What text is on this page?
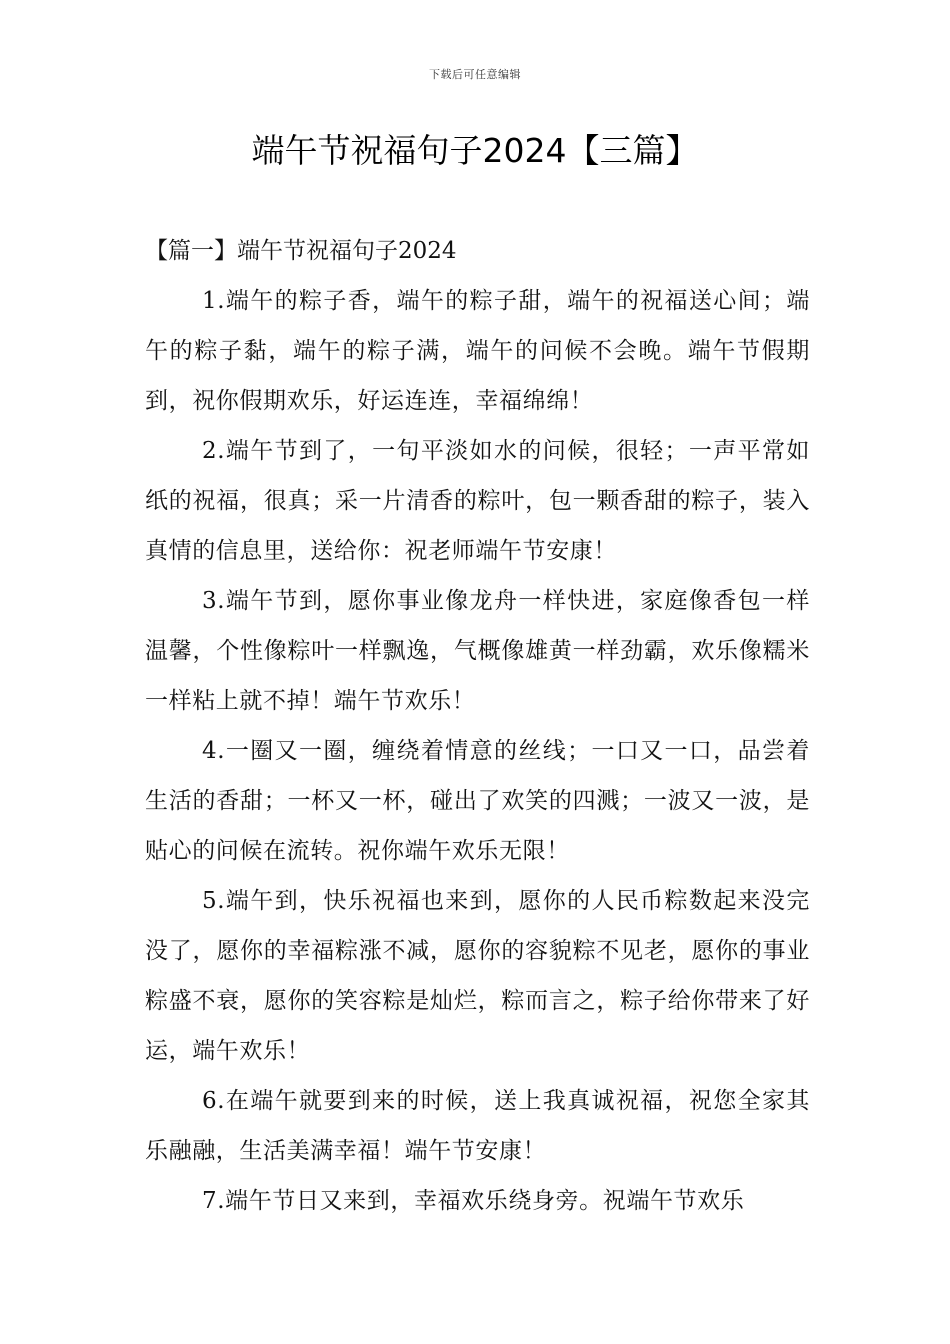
下载后可任意编辑
端午节祝福句子2024【三篇】
【篇一】端午节祝福句子2024

1.端午的粽子香，端午的粽子甜，端午的祝福送心间；端午的粽子黏，端午的粽子满，端午的问候不会晚。端午节假期到，祝你假期欢乐，好运连连，幸福绵绵！

2.端午节到了，一句平淡如水的问候，很轻；一声平常如纸的祝福，很真；采一片清香的粽叶，包一颗香甜的粽子，装入真情的信息里，送给你：祝老师端午节安康！

3.端午节到，愿你事业像龙舟一样快进，家庭像香包一样温馨，个性像粽叶一样飘逸，气概像雄黄一样劲霸，欢乐像糯米一样粘上就不掉！端午节欢乐！

4.一圈又一圈，缠绕着情意的丝线；一口又一口，品尝着生活的香甜；一杯又一杯，碰出了欢笑的四溅；一波又一波，是贴心的问候在流转。祝你端午欢乐无限！

5.端午到，快乐祝福也来到，愿你的人民币粽数起来没完没了，愿你的幸福粽涨不减，愿你的容貌粽不见老，愿你的事业粽盛不衰，愿你的笑容粽是灿烂，粽而言之，粽子给你带来了好运，端午欢乐！

6.在端午就要到来的时候，送上我真诚祝福，祝您全家其乐融融，生活美满幸福！端午节安康！

7.端午节日又来到，幸福欢乐绕身旁。祝端午节欢乐
